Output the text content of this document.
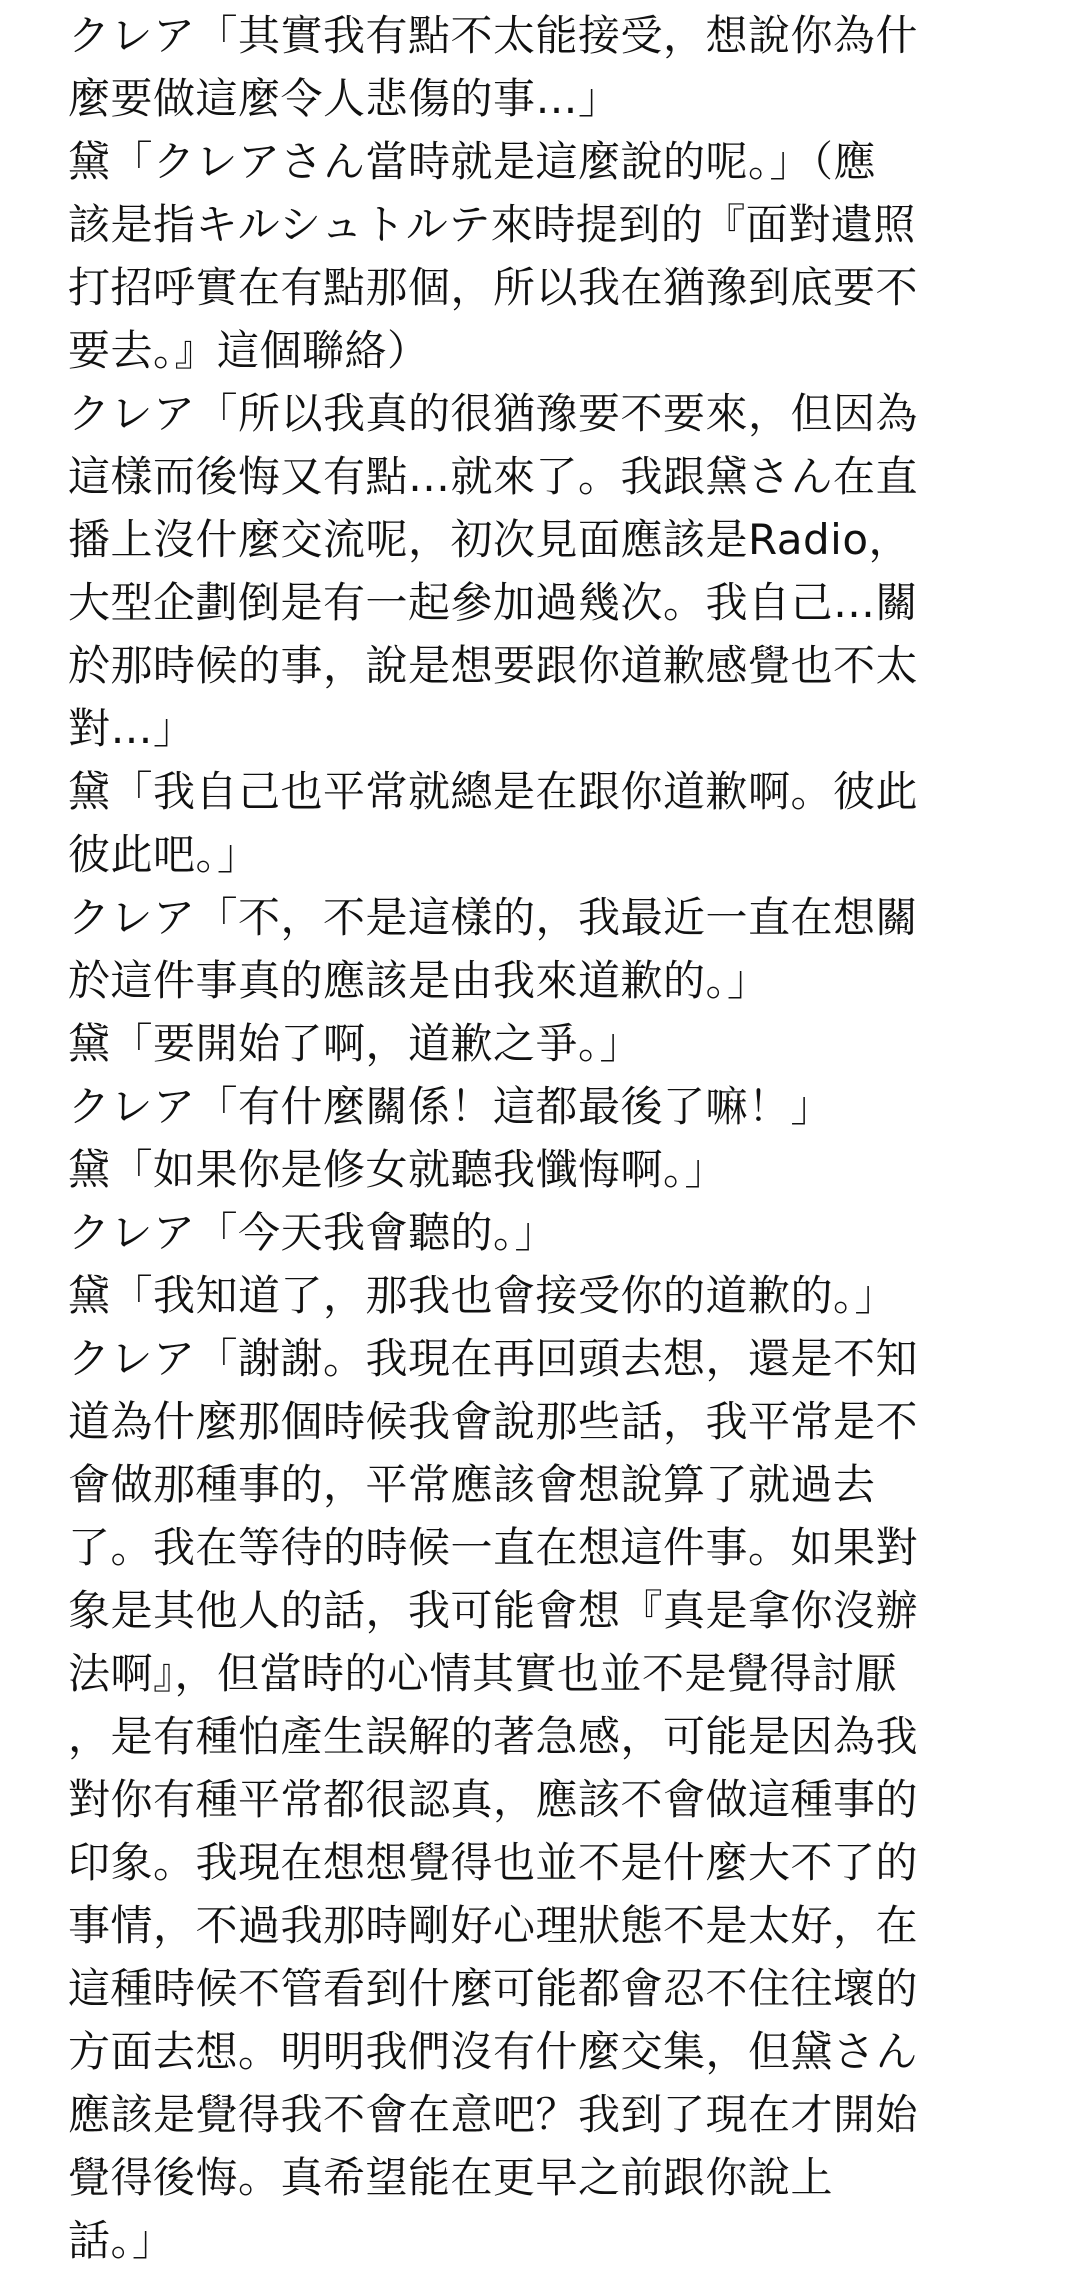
クレア「其實我有點不太能接受，想說你為什
麼要做這麼令人悲傷的事…」
黛「クレアさん當時就是這麼說的呢。」（應
該是指キルシュトルテ來時提到的『面對遺照
打招呼實在有點那個，所以我在猶豫到底要不
要去。』這個聯絡）
クレア「所以我真的很猶豫要不要來，但因為
這樣而後悔又有點…就來了。我跟黛さん在直
播上沒什麼交流呢，初次見面應該是Radio，
大型企劃倒是有一起參加過幾次。我自己…關
於那時候的事，說是想要跟你道歉感覺也不太
對…」
黛「我自己也平常就總是在跟你道歉啊。彼此
彼此吧。」
クレア「不，不是這樣的，我最近一直在想關
於這件事真的應該是由我來道歉的。」
黛「要開始了啊，道歉之爭。」
クレア「有什麼關係！這都最後了嘛！」
黛「如果你是修女就聽我懺悔啊。」
クレア「今天我會聽的。」
黛「我知道了，那我也會接受你的道歉的。」
クレア「謝謝。我現在再回頭去想，還是不知
道為什麼那個時候我會說那些話，我平常是不
會做那種事的，平常應該會想說算了就過去
了。我在等待的時候一直在想這件事。如果對
象是其他人的話，我可能會想『真是拿你沒辦
法啊』，但當時的心情其實也並不是覺得討厭
，是有種怕產生誤解的著急感，可能是因為我
對你有種平常都很認真，應該不會做這種事的
印象。我現在想想覺得也並不是什麼大不了的
事情，不過我那時剛好心理狀態不是太好，在
這種時候不管看到什麼可能都會忍不住往壞的
方面去想。明明我們沒有什麼交集，但黛さん
應該是覺得我不會在意吧？我到了現在才開始
覺得後悔。真希望能在更早之前跟你說上
話。」
